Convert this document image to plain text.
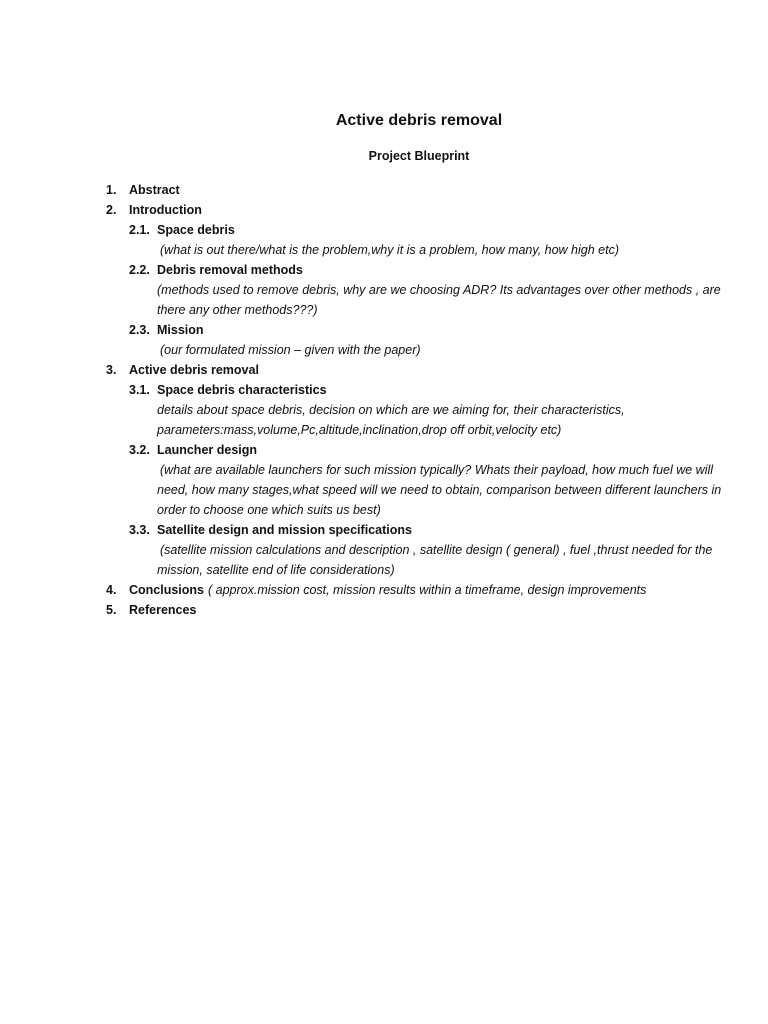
Active debris removal
Project Blueprint
1. Abstract
2. Introduction
2.1. Space debris
(what is out there/what is the problem,why it is a problem, how many, how high etc)
2.2. Debris removal methods
(methods used to remove debris, why are we choosing ADR? Its advantages over other methods , are
there any other methods???)
2.3. Mission
(our formulated mission – given with the paper)
3. Active debris removal
3.1. Space debris characteristics
details about space debris, decision on which are we aiming for, their characteristics,
parameters:mass,volume,Pc,altitude,inclination,drop off orbit,velocity etc)
3.2. Launcher design
(what are available launchers for such mission typically? Whats their payload, how much fuel we will
need, how many stages,what speed will we need to obtain, comparison between different launchers in
order to choose one which suits us best)
3.3. Satellite design and mission specifications
(satellite mission calculations and description , satellite design ( general) , fuel ,thrust needed for the
mission, satellite end of life considerations)
4. Conclusions ( approx.mission cost, mission results within a timeframe, design improvements
5. References
